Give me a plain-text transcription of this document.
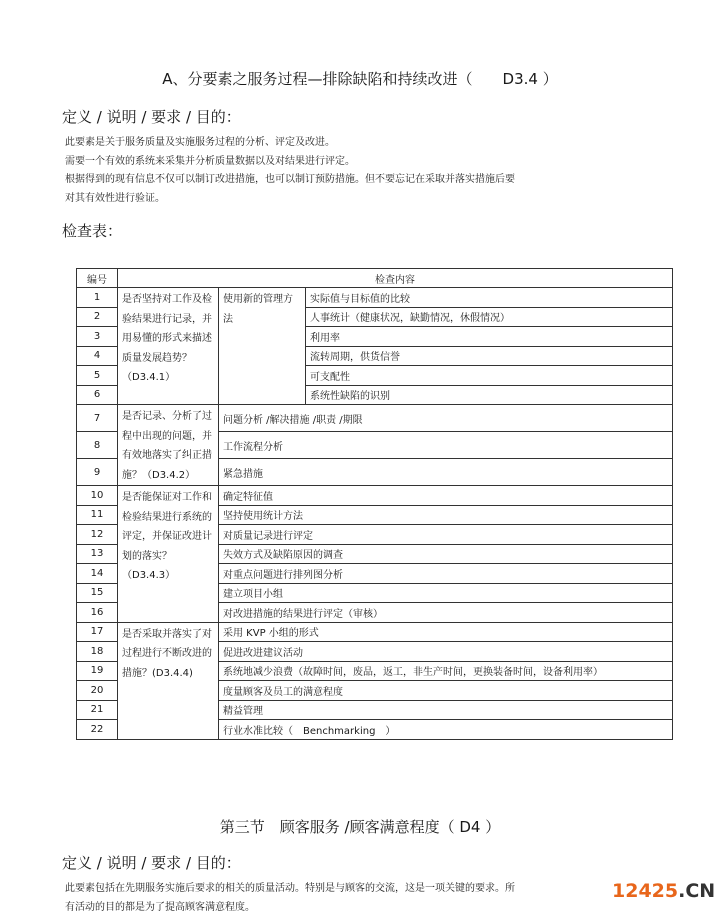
A、分要素之服务过程—排除缺陷和持续改进（　　D3.4 ）
定义 / 说明 / 要求 / 目的：
此要素是关于服务质量及实施服务过程的分析、评定及改进。
需要一个有效的系统来采集并分析质量数据以及对结果进行评定。
根据得到的现有信息不仅可以制订改进措施，也可以制订预防措施。但不要忘记在采取并落实措施后要
对其有效性进行验证。
检查表：
编号	检查内容		
1	是否坚持对工作及检验结果进行记录，并用易懂的形式来描述质量发展趋势？（D3.4.1）	使用新的管理方法	实际值与目标值的比较
2			人事统计（健康状况，缺勤情况，休假情况）
3			利用率
4			流转周期，供货信誉
5			可支配性
6			系统性缺陷的识别
7	是否记录、分析了过程中出现的问题，并有效地落实了纠正措施？（D3.4.2）	问题分析 /解决措施 /职责 /期限	
8		工作流程分析	
9		紧急措施	
10	是否能保证对工作和检验结果进行系统的评定，并保证改进计划的落实？（D3.4.3）	确定特征值	
11		坚持使用统计方法	
12		对质量记录进行评定	
13		失效方式及缺陷原因的调查	
14		对重点问题进行排列图分析	
15		建立项目小组	
16		对改进措施的结果进行评定（审核）	
17	是否采取并落实了对过程进行不断改进的措施？(D3.4.4)	采用 KVP 小组的形式	
18		促进改进建议活动	
19		系统地减少浪费（故障时间，废品，返工，非生产时间，更换装备时间，设备利用率）	
20		度量顾客及员工的满意程度	
21		精益管理	
22		行业水准比较（　Benchmarking　）	
第三节　顾客服务 /顾客满意程度（ D4 ）
定义 / 说明 / 要求 / 目的：
此要素包括在先期服务实施后要求的相关的质量活动。特别是与顾客的交流，这是一项关键的要求。所
有活动的目的都是为了提高顾客满意程度。
12425.CN
